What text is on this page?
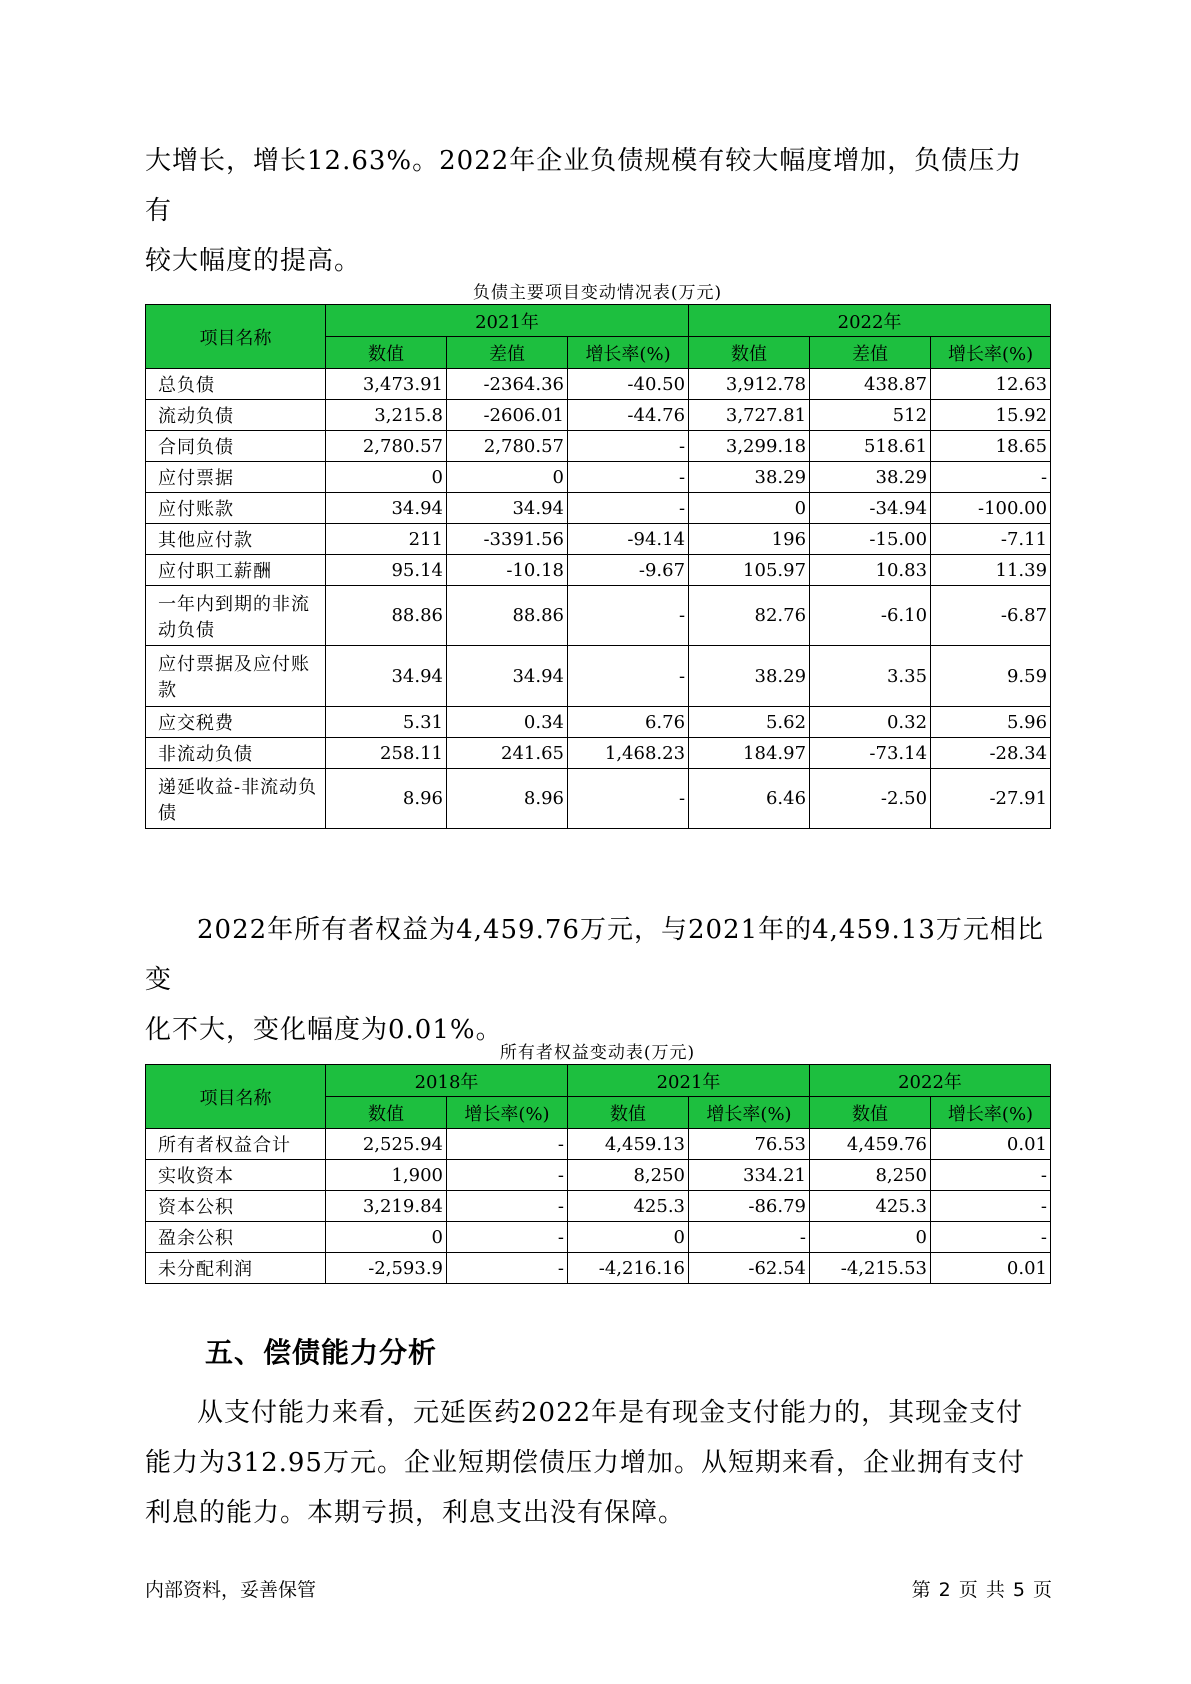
大增长，增长12.63%。2022年企业负债规模有较大幅度增加，负债压力有

较大幅度的提高。

负债主要项目变动情况表(万元)
项目名称	2021年			2022年		
	数值	差值	增长率(%)	数值	差值	增长率(%)
总负债	3,473.91	-2364.36	-40.50	3,912.78	438.87	12.63
流动负债	3,215.8	-2606.01	-44.76	3,727.81	512	15.92
合同负债	2,780.57	2,780.57	-	3,299.18	518.61	18.65
应付票据	0	0	-	38.29	38.29	-
应付账款	34.94	34.94	-	0	-34.94	-100.00
其他应付款	211	-3391.56	-94.14	196	-15.00	-7.11
应付职工薪酬	95.14	-10.18	-9.67	105.97	10.83	11.39
一年内到期的非流动负债	88.86	88.86	-	82.76	-6.10	-6.87
应付票据及应付账款	34.94	34.94	-	38.29	3.35	9.59
应交税费	5.31	0.34	6.76	5.62	0.32	5.96
非流动负债	258.11	241.65	1,468.23	184.97	-73.14	-28.34
递延收益-非流动负债	8.96	8.96	-	6.46	-2.50	-27.91

2022年所有者权益为4,459.76万元，与2021年的4,459.13万元相比变

化不大，变化幅度为0.01%。

所有者权益变动表(万元)
项目名称	2018年		2021年		2022年	
	数值	增长率(%)	数值	增长率(%)	数值	增长率(%)
所有者权益合计	2,525.94	-	4,459.13	76.53	4,459.76	0.01
实收资本	1,900	-	8,250	334.21	8,250	-
资本公积	3,219.84	-	425.3	-86.79	425.3	-
盈余公积	0	-	0	-	0	-
未分配利润	-2,593.9	-	-4,216.16	-62.54	-4,215.53	0.01
五、偿债能力分析

从支付能力来看，元延医药2022年是有现金支付能力的，其现金支付

能力为312.95万元。企业短期偿债压力增加。从短期来看，企业拥有支付

利息的能力。本期亏损，利息支出没有保障。

内部资料，妥善保管	第 2 页 共 5 页
